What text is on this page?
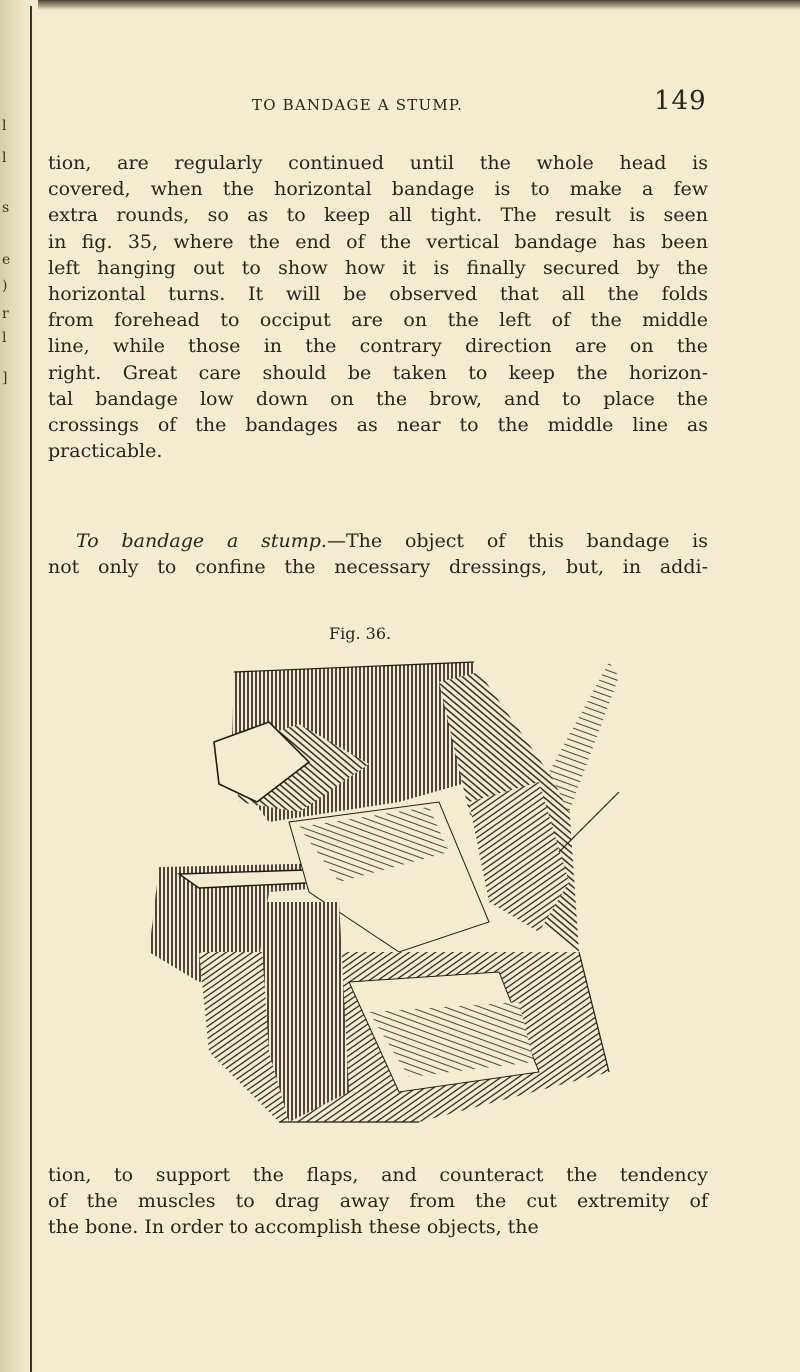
l
l
s
e
)
r
l
]
TO BANDAGE A STUMP.	149
tion, are regularly continued until the whole head is
covered, when the horizontal bandage is to make a few
extra rounds, so as to keep all tight. The result is seen
in fig. 35, where the end of the vertical bandage has been
left hanging out to show how it is finally secured by the
horizontal turns. It will be observed that all the folds
from forehead to occiput are on the left of the middle
line, while those in the contrary direction are on the
right. Great care should be taken to keep the horizon-
tal bandage low down on the brow, and to place the
crossings of the bandages as near to the middle line as
practicable.
To bandage a stump.—The object of this bandage is
not only to confine the necessary dressings, but, in addi-
Fig. 36.
tion, to support the flaps, and counteract the tendency
of the muscles to drag away from the cut extremity of
the bone. In order to accomplish these objects, the
